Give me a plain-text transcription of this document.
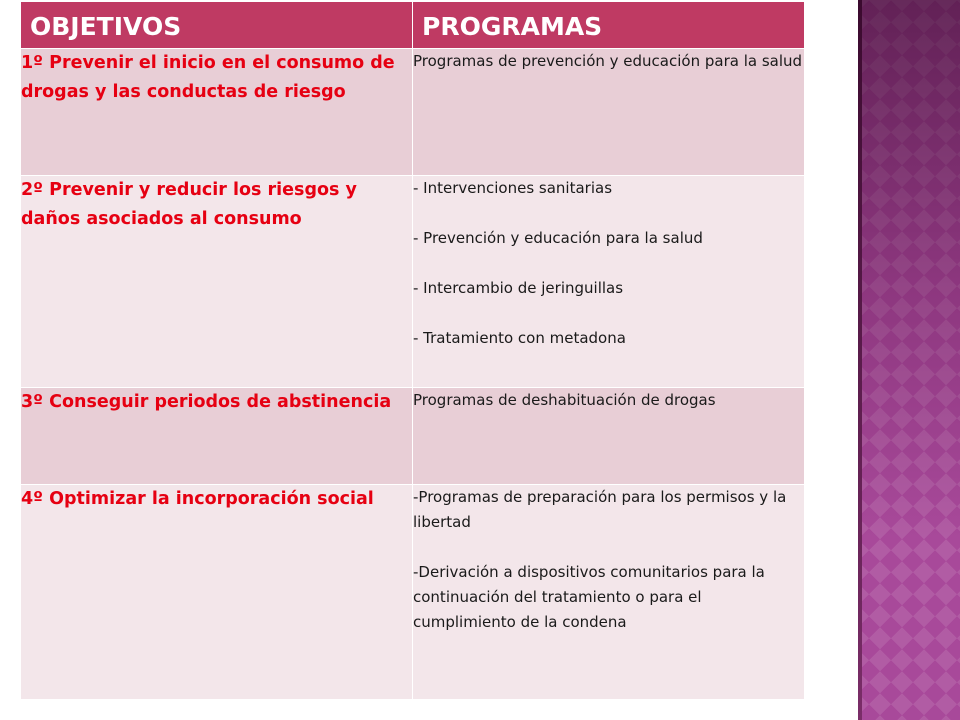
OBJETIVOS	PROGRAMAS
1º Prevenir el inicio en el consumo de drogas y las conductas de riesgo	Programas de prevención y educación para la salud

2º Prevenir y reducir los riesgos y daños asociados al consumo	- Intervenciones sanitarias

- Prevención y educación para la salud

- Intercambio de jeringuillas

- Tratamiento con metadona

3º Conseguir periodos de abstinencia	Programas de deshabituación de drogas

4º Optimizar la incorporación social	-Programas de preparación para los permisos y la libertad

-Derivación a dispositivos comunitarios para la continuación del tratamiento o para el cumplimiento de la condena
